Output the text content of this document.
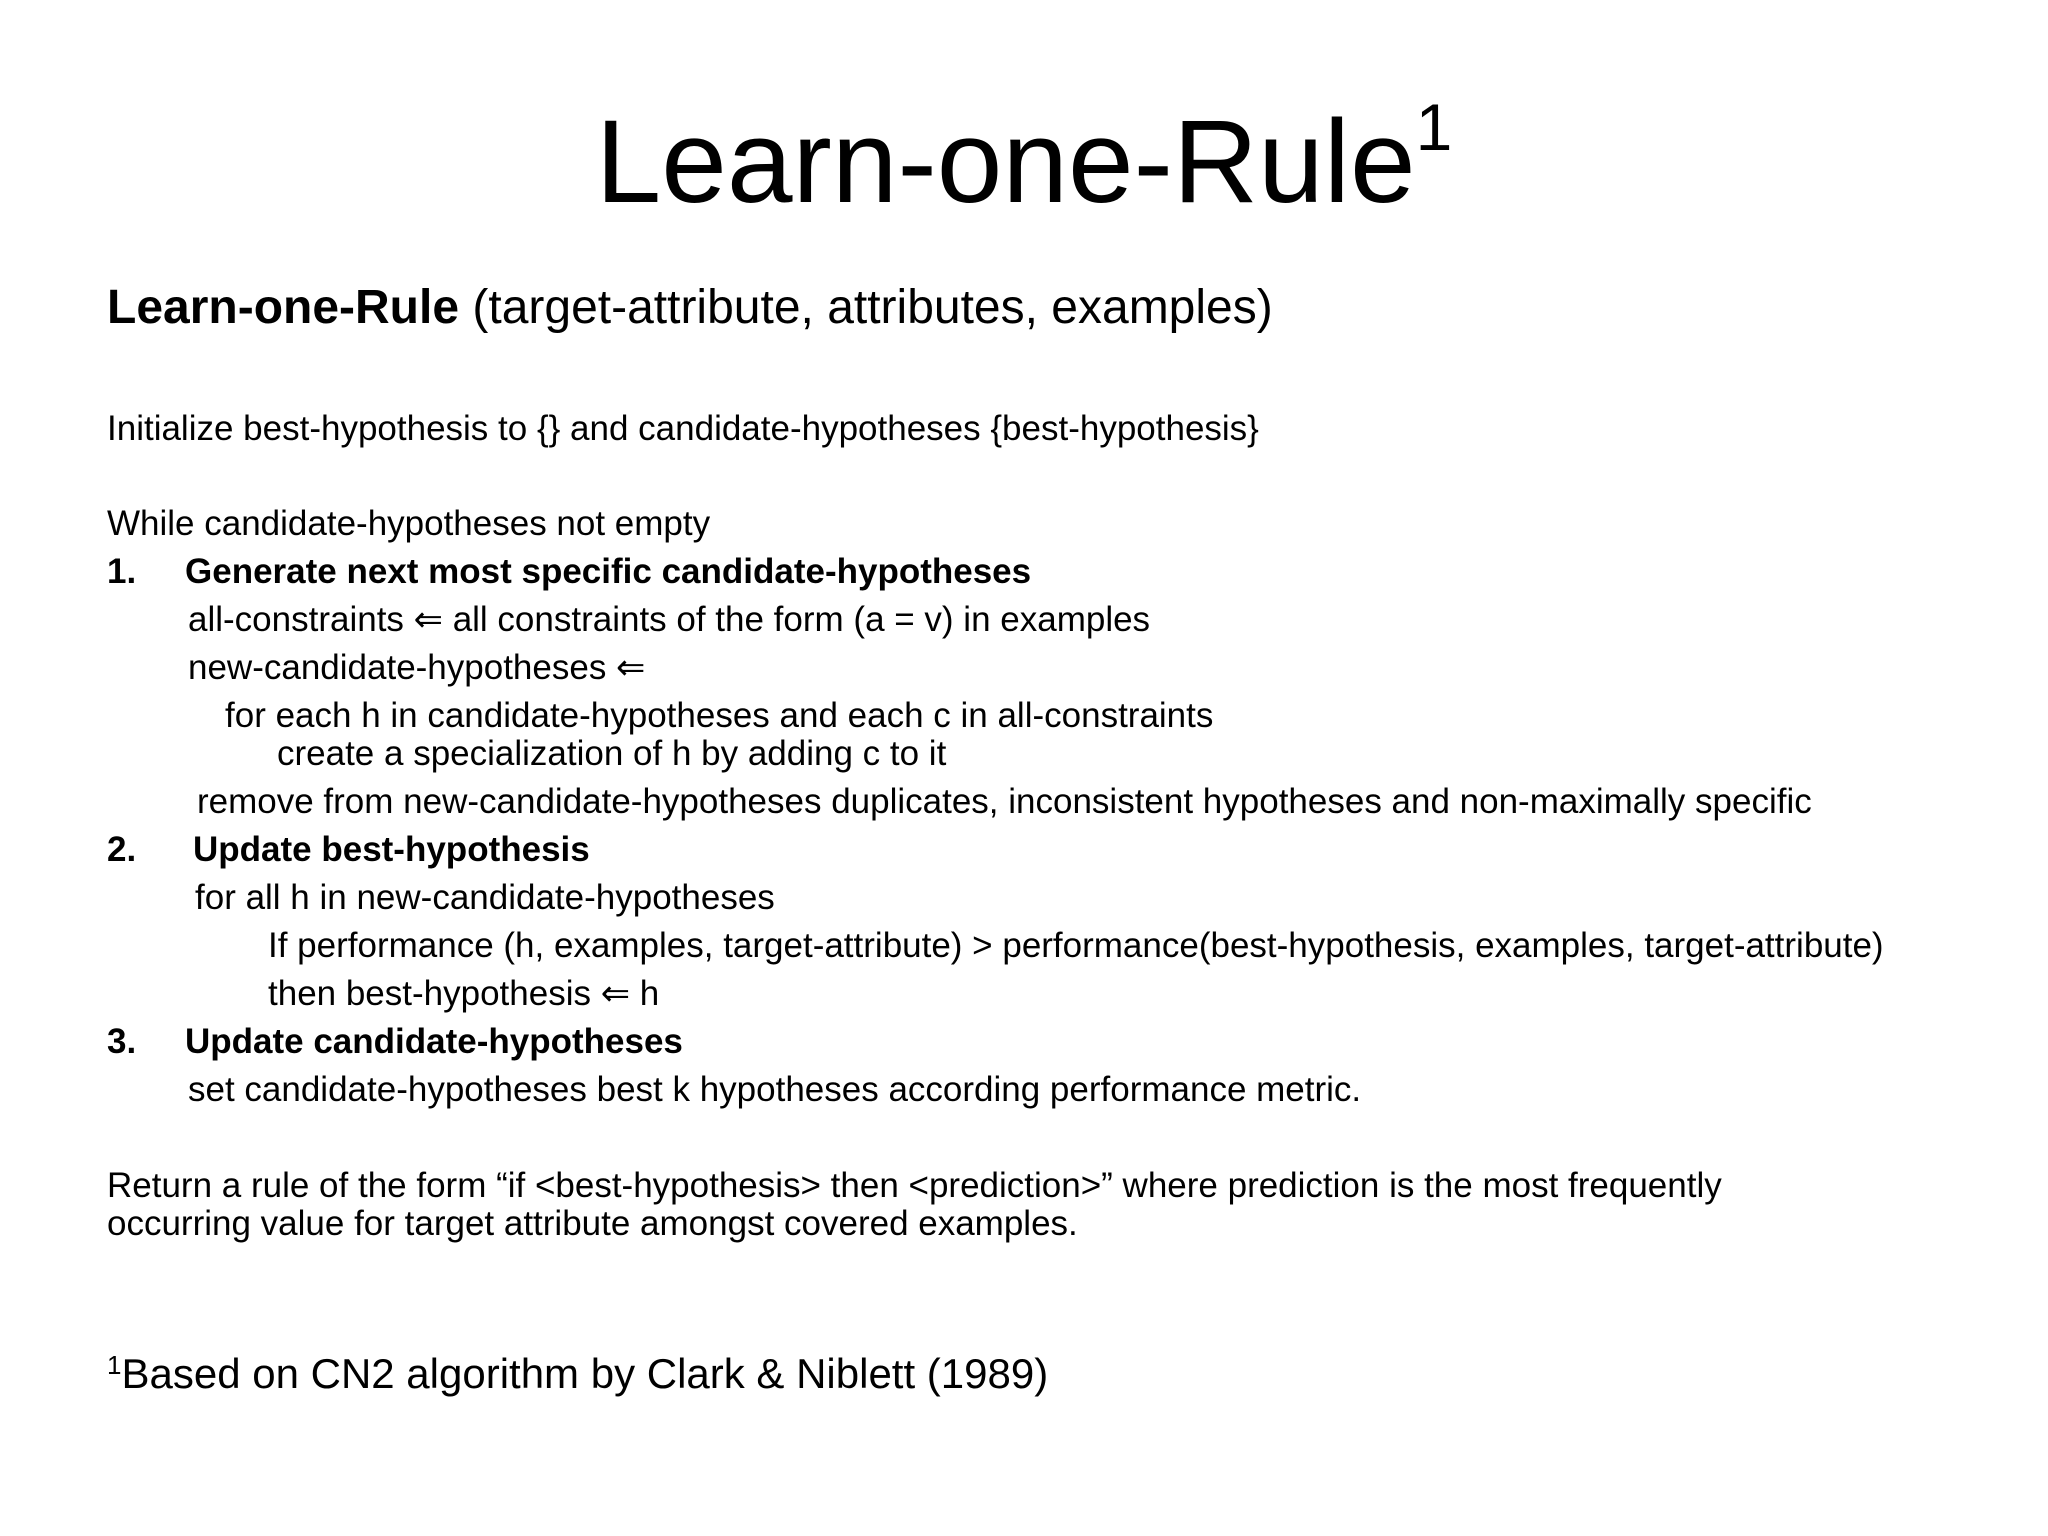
Learn-one-Rule$^1$
Learn-one-Rule (target-attribute, attributes, examples)
Initialize best-hypothesis to {} and candidate-hypotheses {best-hypothesis}
While candidate-hypotheses not empty
1. Generate next most specific candidate-hypotheses
all-constraints ⇐ all constraints of the form (a = v) in examples
new-candidate-hypotheses ⇐
for each h in candidate-hypotheses and each c in all-constraints
create a specialization of h by adding c to it
remove from new-candidate-hypotheses duplicates, inconsistent hypotheses and non-maximally specific
2. Update best-hypothesis
for all h in new-candidate-hypotheses
If performance (h, examples, target-attribute) > performance(best-hypothesis, examples, target-attribute)
then best-hypothesis ⇐ h
3. Update candidate-hypotheses
set candidate-hypotheses best k hypotheses according performance metric.
Return a rule of the form “if <best-hypothesis> then <prediction>” where prediction is the most frequently
occurring value for target attribute amongst covered examples.
$^1$Based on CN2 algorithm by Clark & Niblett (1989)
